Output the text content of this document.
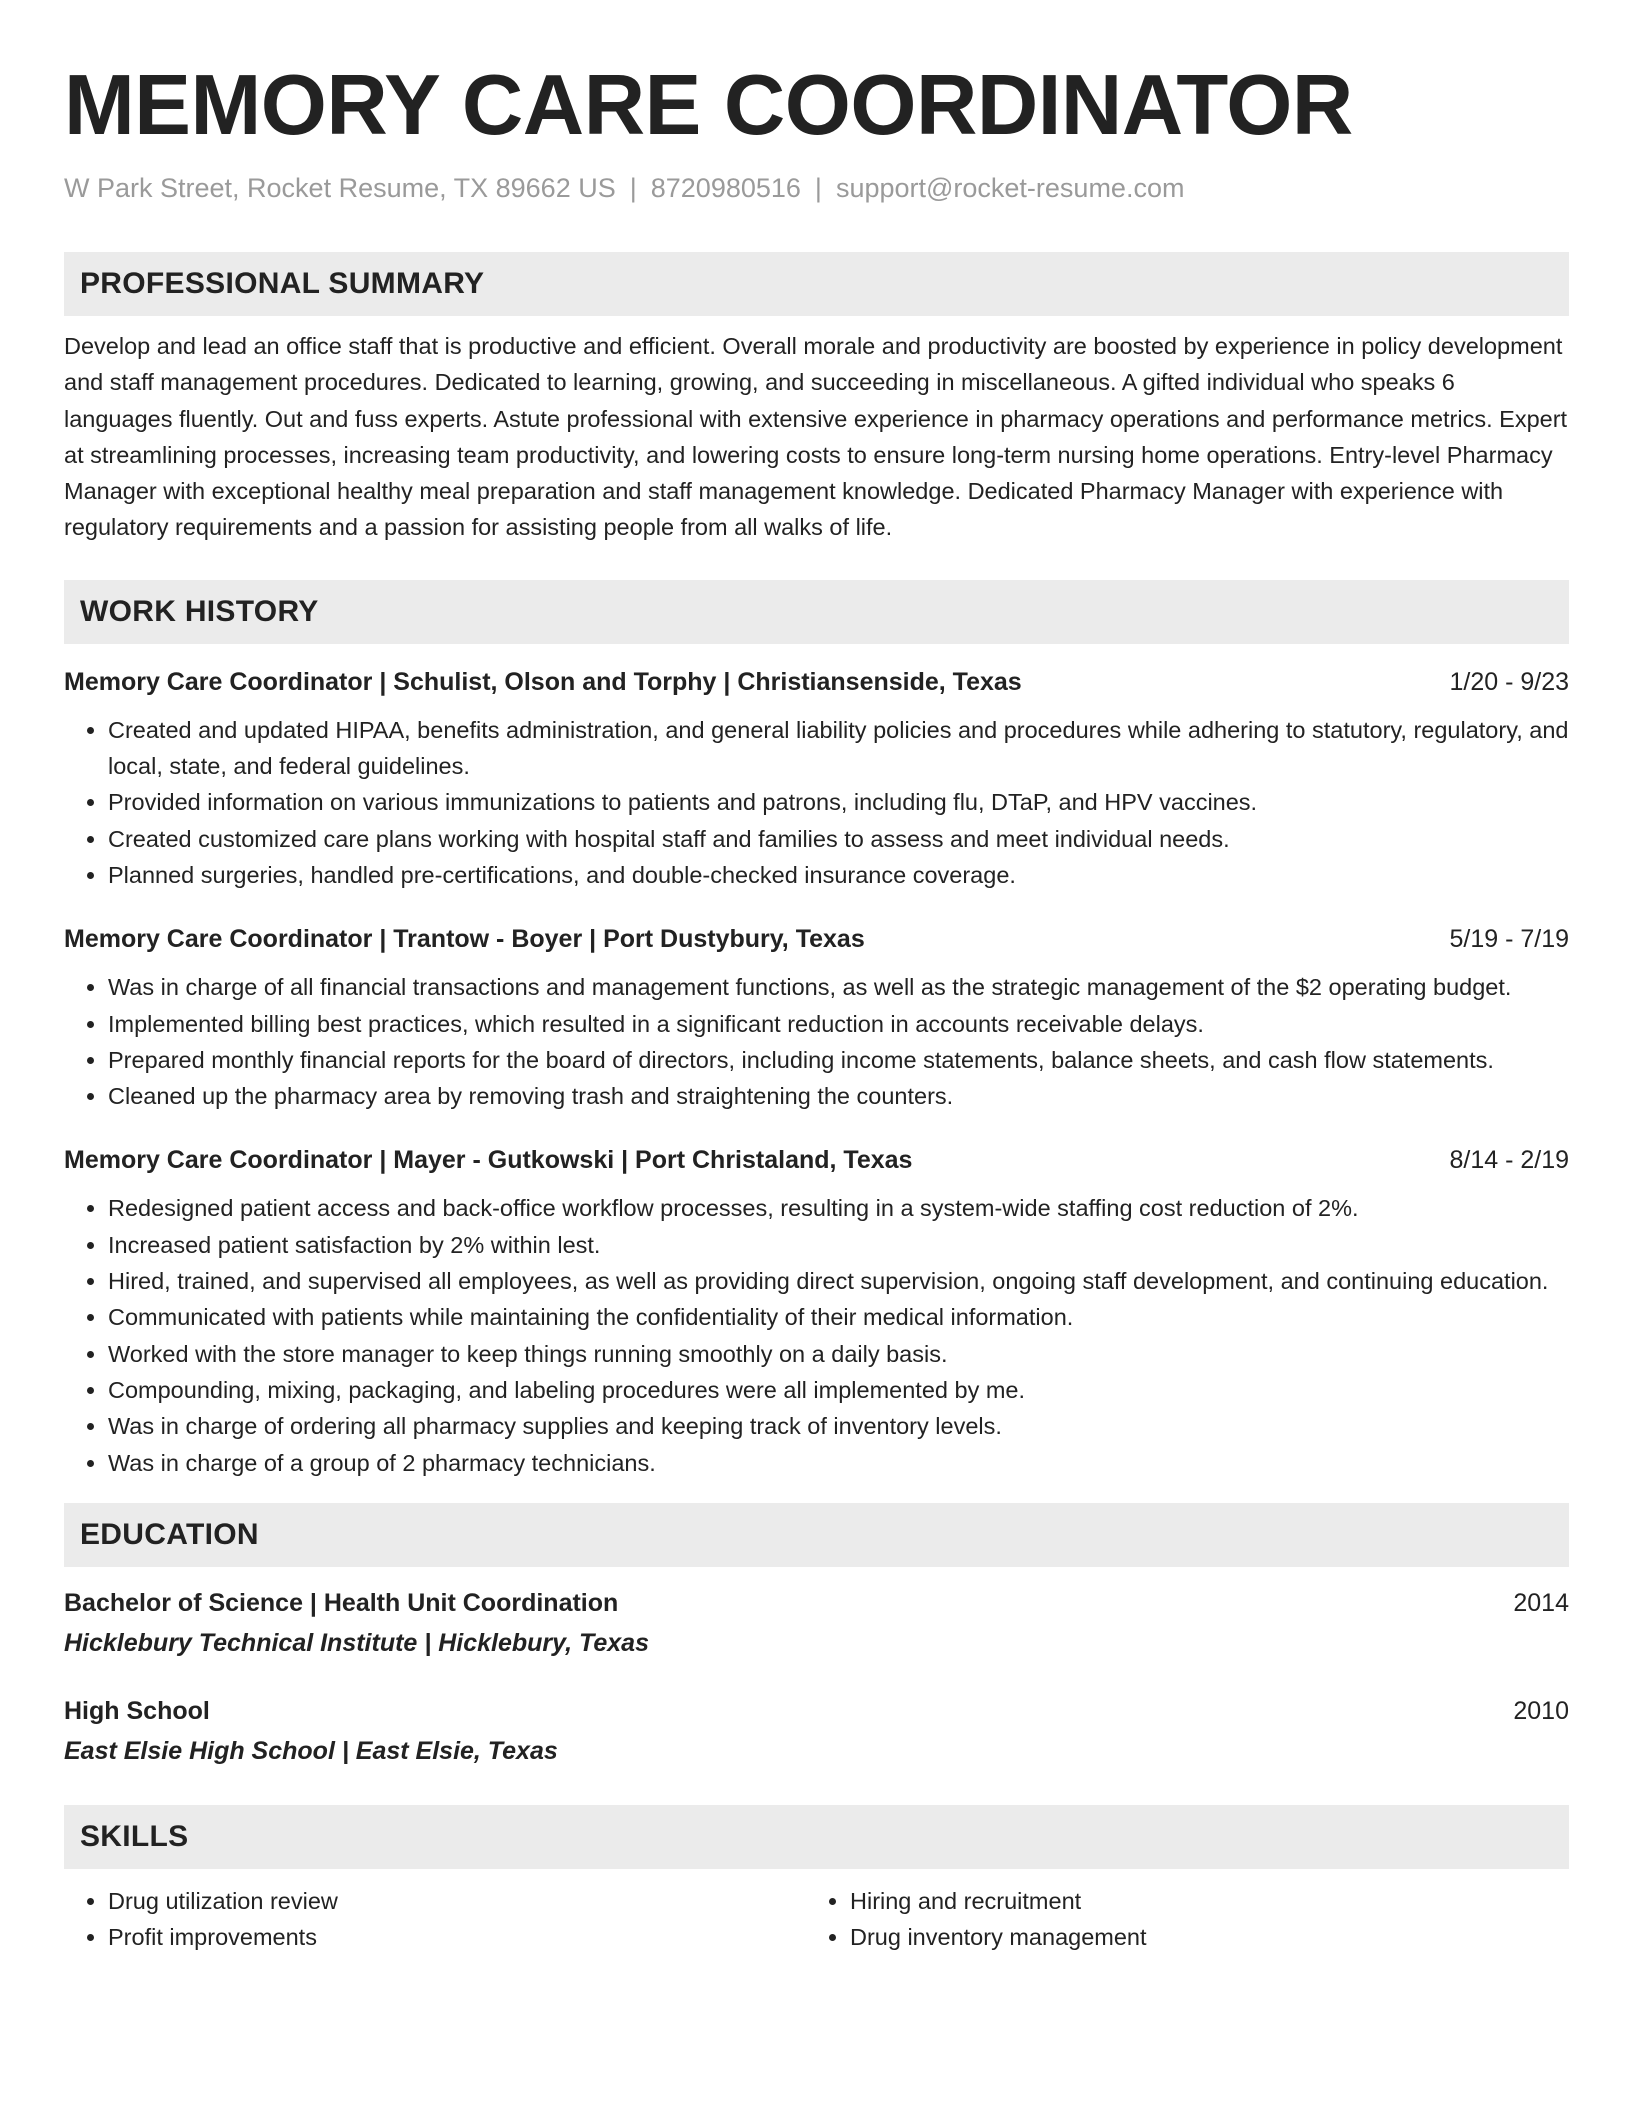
MEMORY CARE COORDINATOR
W Park Street, Rocket Resume, TX 89662 US | 8720980516 | support@rocket-resume.com
PROFESSIONAL SUMMARY
Develop and lead an office staff that is productive and efficient. Overall morale and productivity are boosted by experience in policy development and staff management procedures. Dedicated to learning, growing, and succeeding in miscellaneous. A gifted individual who speaks 6 languages fluently. Out and fuss experts. Astute professional with extensive experience in pharmacy operations and performance metrics. Expert at streamlining processes, increasing team productivity, and lowering costs to ensure long-term nursing home operations. Entry-level Pharmacy Manager with exceptional healthy meal preparation and staff management knowledge. Dedicated Pharmacy Manager with experience with regulatory requirements and a passion for assisting people from all walks of life.
WORK HISTORY
Memory Care Coordinator | Schulist, Olson and Torphy | Christiansenside, Texas	1/20 - 9/23
• Created and updated HIPAA, benefits administration, and general liability policies and procedures while adhering to statutory, regulatory, and local, state, and federal guidelines.
• Provided information on various immunizations to patients and patrons, including flu, DTaP, and HPV vaccines.
• Created customized care plans working with hospital staff and families to assess and meet individual needs.
• Planned surgeries, handled pre-certifications, and double-checked insurance coverage.
Memory Care Coordinator | Trantow - Boyer | Port Dustybury, Texas	5/19 - 7/19
• Was in charge of all financial transactions and management functions, as well as the strategic management of the $2 operating budget.
• Implemented billing best practices, which resulted in a significant reduction in accounts receivable delays.
• Prepared monthly financial reports for the board of directors, including income statements, balance sheets, and cash flow statements.
• Cleaned up the pharmacy area by removing trash and straightening the counters.
Memory Care Coordinator | Mayer - Gutkowski | Port Christaland, Texas	8/14 - 2/19
• Redesigned patient access and back-office workflow processes, resulting in a system-wide staffing cost reduction of 2%.
• Increased patient satisfaction by 2% within lest.
• Hired, trained, and supervised all employees, as well as providing direct supervision, ongoing staff development, and continuing education.
• Communicated with patients while maintaining the confidentiality of their medical information.
• Worked with the store manager to keep things running smoothly on a daily basis.
• Compounding, mixing, packaging, and labeling procedures were all implemented by me.
• Was in charge of ordering all pharmacy supplies and keeping track of inventory levels.
• Was in charge of a group of 2 pharmacy technicians.
EDUCATION
Bachelor of Science | Health Unit Coordination	2014
Hicklebury Technical Institute | Hicklebury, Texas
High School	2010
East Elsie High School | East Elsie, Texas
SKILLS
• Drug utilization review
• Profit improvements
• Hiring and recruitment
• Drug inventory management
